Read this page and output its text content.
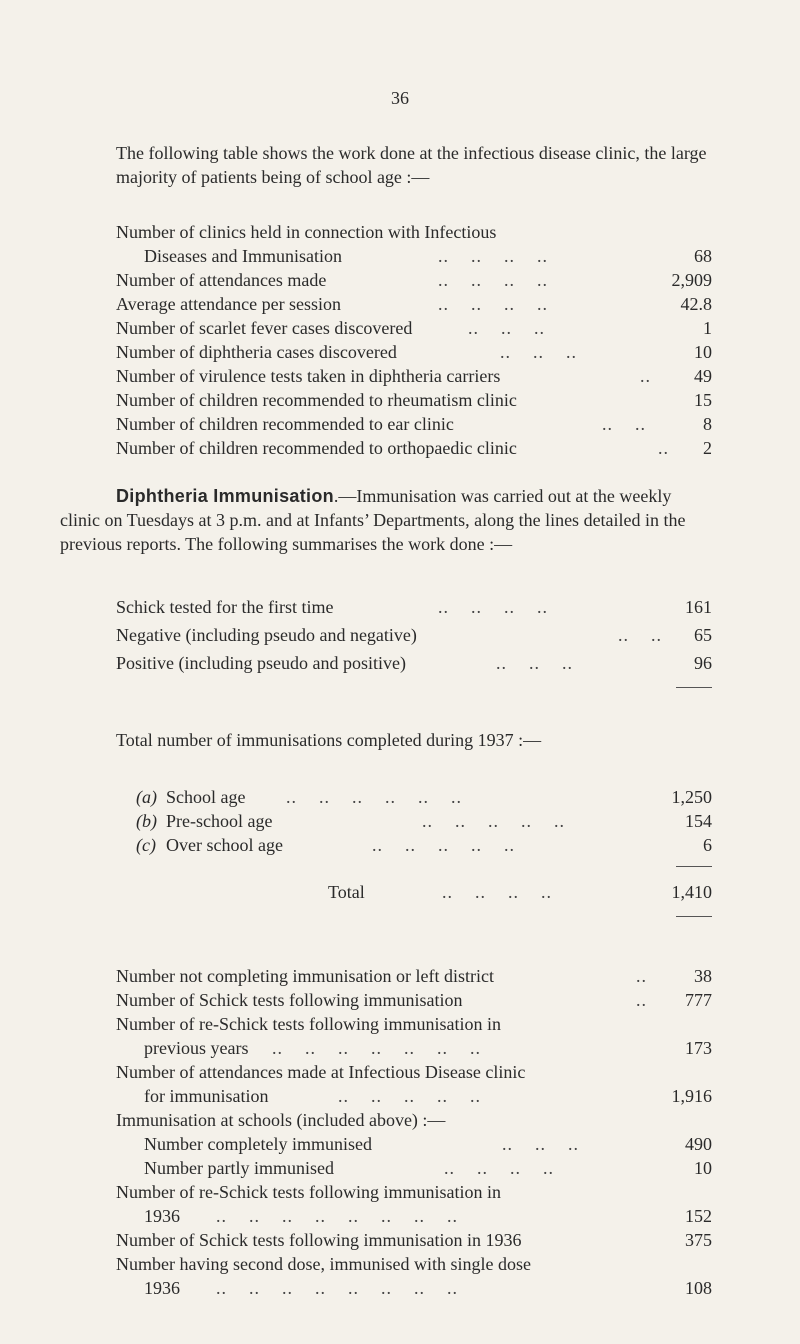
36
The following table shows the work done at the infectious disease clinic, the large majority of patients being of school age :—
Number of clinics held in connection with Infectious
Diseases and Immunisation	..    ..    ..    ..	68
Number of attendances made	..    ..    ..    ..	2,909
Average attendance per session	..    ..    ..    ..	42.8
Number of scarlet fever cases discovered	..    ..    ..	1
Number of diphtheria cases discovered	..    ..    ..	10
Number of virulence tests taken in diphtheria carriers	.. 49
Number of children recommended to rheumatism clinic	15
Number of children recommended to ear clinic	..    ..	8
Number of children recommended to orthopaedic clinic	.. 2
Diphtheria Immunisation.—Immunisation was carried out at the weekly clinic on Tuesdays at 3 p.m. and at Infants’ Departments, along the lines detailed in the previous reports. The following summarises the work done :—
Schick tested for the first time	..    ..    ..    ..	161
Negative (including pseudo and negative)	..    .. 65
Positive (including pseudo and positive)	..    ..    ..	96
Total number of immunisations completed during 1937 :—
(a) School age ..    ..    ..    ..    ..    ..	1,250
(b) Pre-school age	..    ..    ..    ..    ..	154
(c) Over school age	..    ..    ..    ..    ..	6
Total	..    ..    ..    ..	1,410
Number not completing immunisation or left district	..	38
Number of Schick tests following immunisation	.. 777
Number of re-Schick tests following immunisation in
previous years ..    ..    ..    ..    ..    ..    ..	173
Number of attendances made at Infectious Disease clinic
for immunisation	..    ..    ..    ..    ..	1,916
Immunisation at schools (included above) :—
Number completely immunised	..    ..    ..	490
Number partly immunised	..    ..    ..    ..	10
Number of re-Schick tests following immunisation in
1936 ..    ..    ..    ..    ..    ..    ..    ..	152
Number of Schick tests following immunisation in 1936	375
Number having second dose, immunised with single dose
1936 ..    ..    ..    ..    ..    ..    ..    ..	108
